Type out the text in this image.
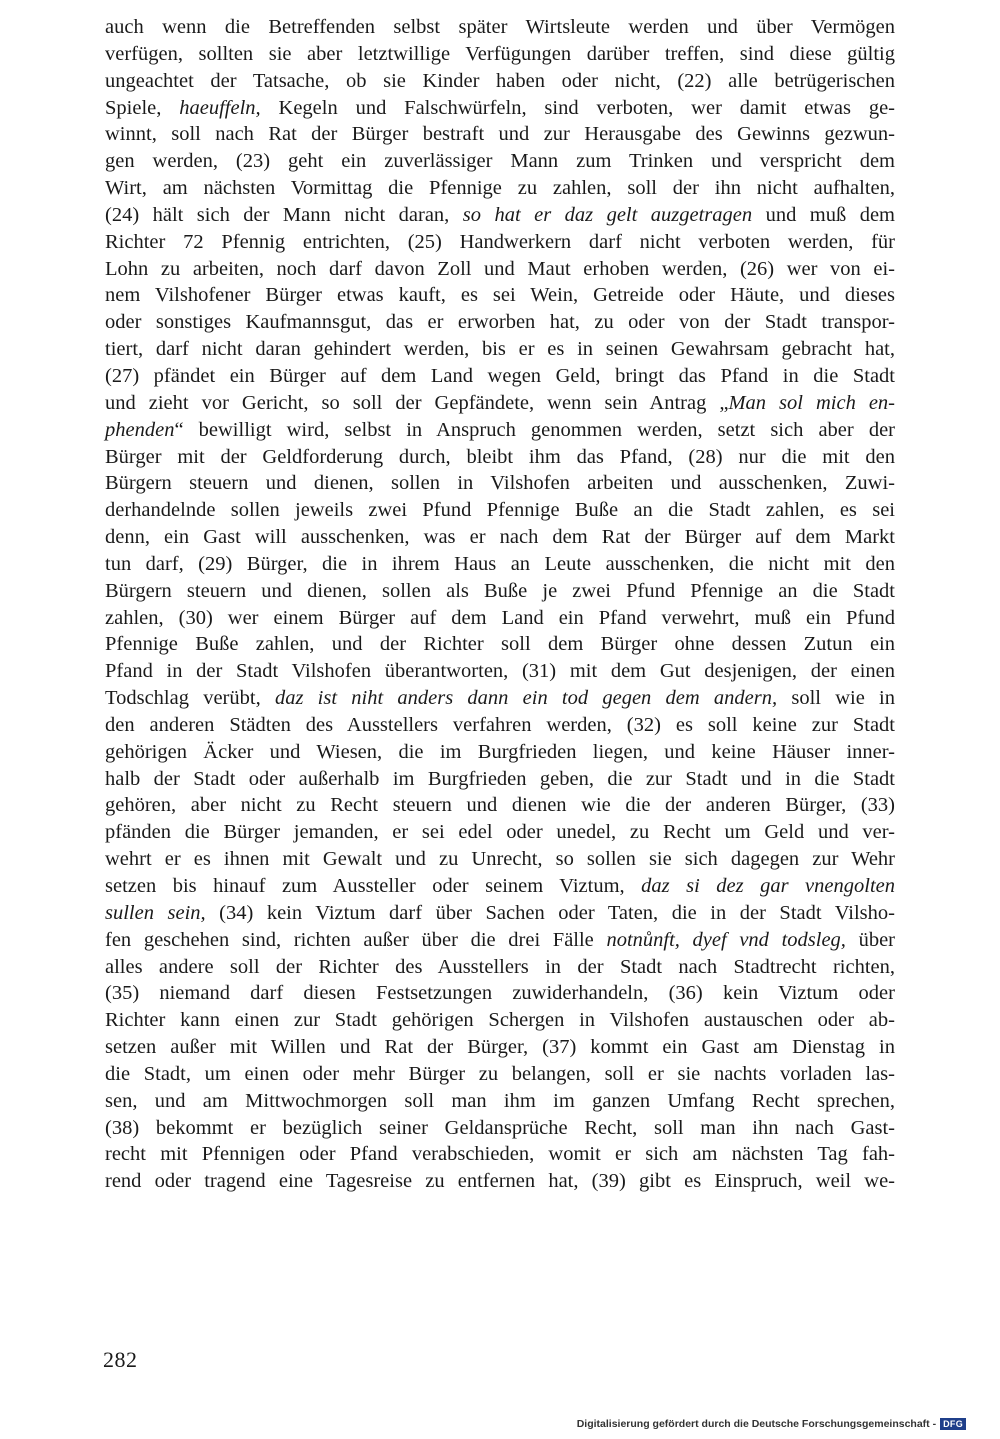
auch wenn die Betreffenden selbst später Wirtsleute werden und über Vermögen
verfügen, sollten sie aber letztwillige Verfügungen darüber treffen, sind diese gültig
ungeachtet der Tatsache, ob sie Kinder haben oder nicht, (22) alle betrügerischen
Spiele, haeuffeln, Kegeln und Falschwürfeln, sind verboten, wer damit etwas ge-
winnt, soll nach Rat der Bürger bestraft und zur Herausgabe des Gewinns gezwun-
gen werden, (23) geht ein zuverlässiger Mann zum Trinken und verspricht dem
Wirt, am nächsten Vormittag die Pfennige zu zahlen, soll der ihn nicht aufhalten,
(24) hält sich der Mann nicht daran, so hat er daz gelt auzgetragen und muß dem
Richter 72 Pfennig entrichten, (25) Handwerkern darf nicht verboten werden, für
Lohn zu arbeiten, noch darf davon Zoll und Maut erhoben werden, (26) wer von ei-
nem Vilshofener Bürger etwas kauft, es sei Wein, Getreide oder Häute, und dieses
oder sonstiges Kaufmannsgut, das er erworben hat, zu oder von der Stadt transpor-
tiert, darf nicht daran gehindert werden, bis er es in seinen Gewahrsam gebracht hat,
(27) pfändet ein Bürger auf dem Land wegen Geld, bringt das Pfand in die Stadt
und zieht vor Gericht, so soll der Gepfändete, wenn sein Antrag „Man sol mich en-
phenden“ bewilligt wird, selbst in Anspruch genommen werden, setzt sich aber der
Bürger mit der Geldforderung durch, bleibt ihm das Pfand, (28) nur die mit den
Bürgern steuern und dienen, sollen in Vilshofen arbeiten und ausschenken, Zuwi-
derhandelnde sollen jeweils zwei Pfund Pfennige Buße an die Stadt zahlen, es sei
denn, ein Gast will ausschenken, was er nach dem Rat der Bürger auf dem Markt
tun darf, (29) Bürger, die in ihrem Haus an Leute ausschenken, die nicht mit den
Bürgern steuern und dienen, sollen als Buße je zwei Pfund Pfennige an die Stadt
zahlen, (30) wer einem Bürger auf dem Land ein Pfand verwehrt, muß ein Pfund
Pfennige Buße zahlen, und der Richter soll dem Bürger ohne dessen Zutun ein
Pfand in der Stadt Vilshofen überantworten, (31) mit dem Gut desjenigen, der einen
Todschlag verübt, daz ist niht anders dann ein tod gegen dem andern, soll wie in
den anderen Städten des Ausstellers verfahren werden, (32) es soll keine zur Stadt
gehörigen Äcker und Wiesen, die im Burgfrieden liegen, und keine Häuser inner-
halb der Stadt oder außerhalb im Burgfrieden geben, die zur Stadt und in die Stadt
gehören, aber nicht zu Recht steuern und dienen wie die der anderen Bürger, (33)
pfänden die Bürger jemanden, er sei edel oder unedel, zu Recht um Geld und ver-
wehrt er es ihnen mit Gewalt und zu Unrecht, so sollen sie sich dagegen zur Wehr
setzen bis hinauf zum Aussteller oder seinem Viztum, daz si dez gar vnengolten
sullen sein, (34) kein Viztum darf über Sachen oder Taten, die in der Stadt Vilsho-
fen geschehen sind, richten außer über die drei Fälle notnůnft, dyef vnd todsleg, über
alles andere soll der Richter des Ausstellers in der Stadt nach Stadtrecht richten,
(35) niemand darf diesen Festsetzungen zuwiderhandeln, (36) kein Viztum oder
Richter kann einen zur Stadt gehörigen Schergen in Vilshofen austauschen oder ab-
setzen außer mit Willen und Rat der Bürger, (37) kommt ein Gast am Dienstag in
die Stadt, um einen oder mehr Bürger zu belangen, soll er sie nachts vorladen las-
sen, und am Mittwochmorgen soll man ihm im ganzen Umfang Recht sprechen,
(38) bekommt er bezüglich seiner Geldansprüche Recht, soll man ihn nach Gast-
recht mit Pfennigen oder Pfand verabschieden, womit er sich am nächsten Tag fah-
rend oder tragend eine Tagesreise zu entfernen hat, (39) gibt es Einspruch, weil we-
282
Digitalisierung gefördert durch die Deutsche Forschungsgemeinschaft - DFG
